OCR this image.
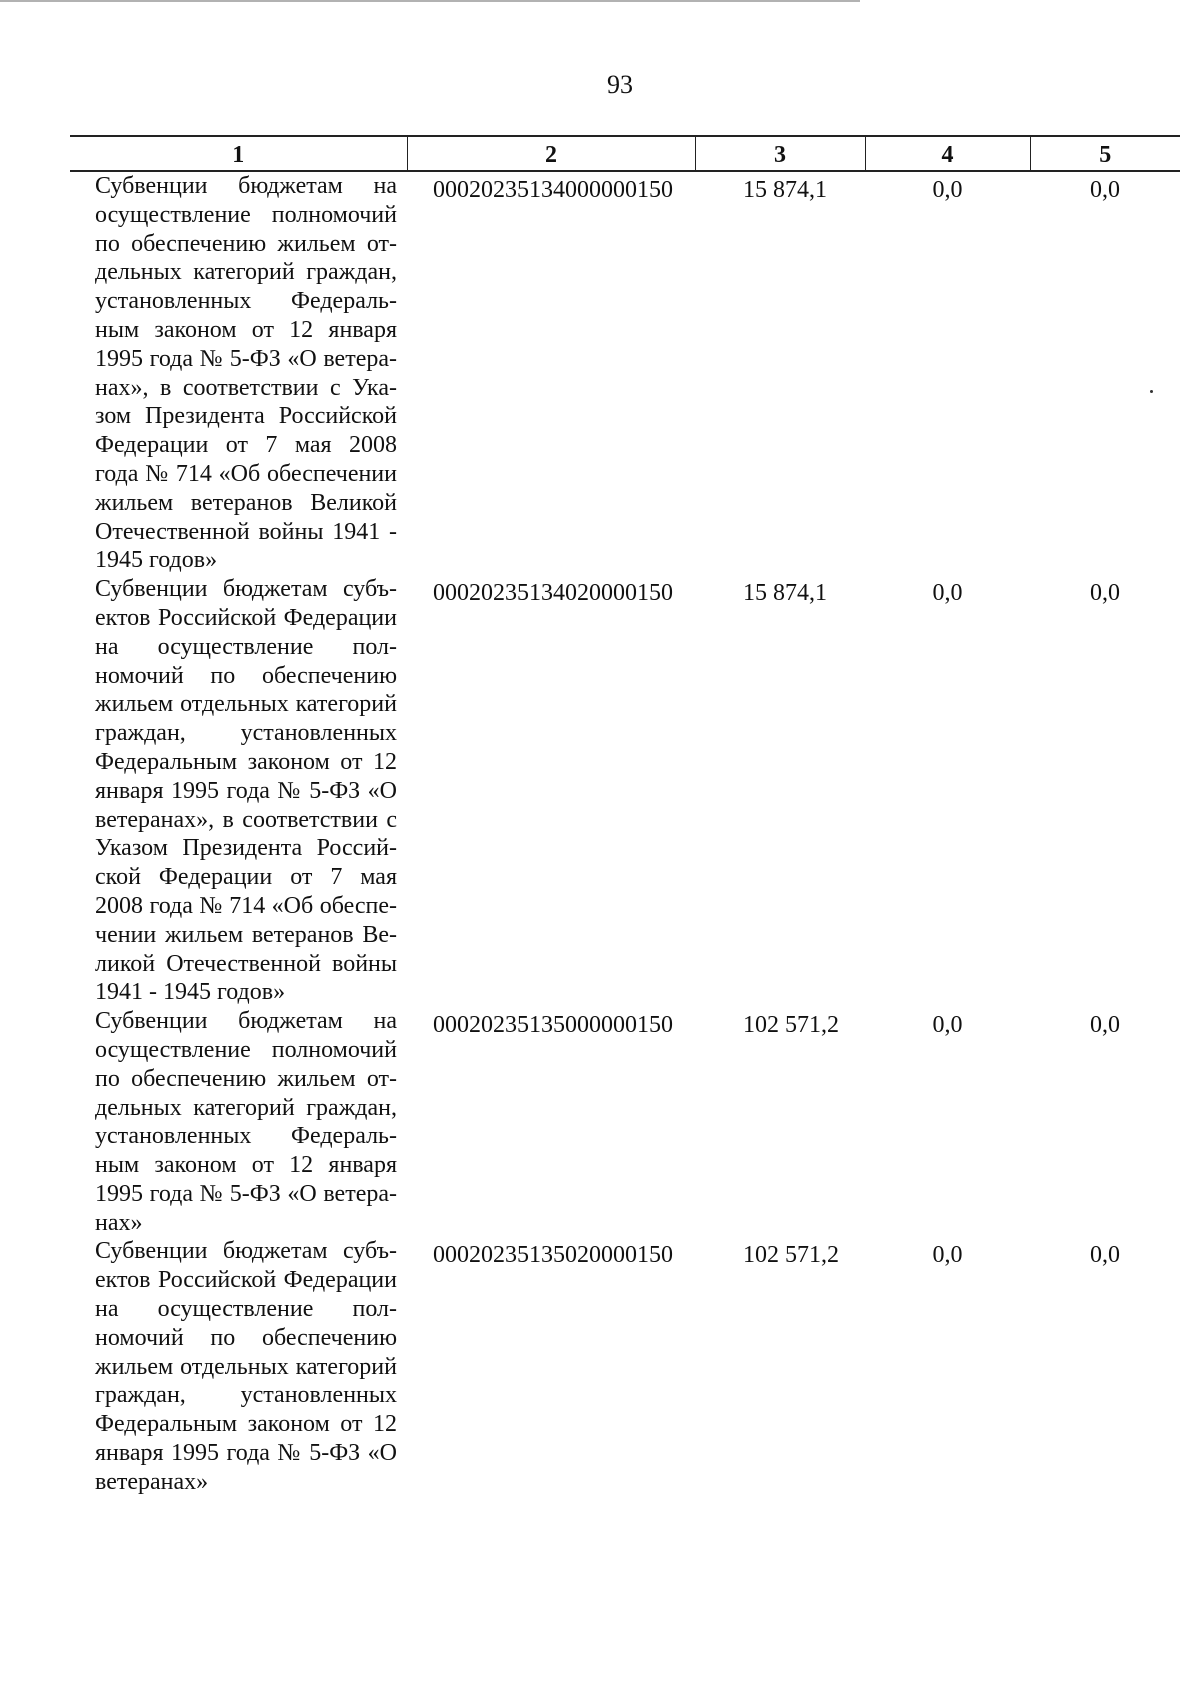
93
1	2	3	4	5
Субвенции бюджетам на осуществление полномочий по обеспечению жильем отдельных категорий граждан, установленных Федеральным законом от 12 января 1995 года № 5-ФЗ «О ветеранах», в соответствии с Указом Президента Российской Федерации от 7 мая 2008 года № 714 «Об обеспечении жильем ветеранов Великой Отечественной войны 1941 - 1945 годов»	00020235134000000150	15 874,1	0,0	0,0
Субвенции бюджетам субъектов Российской Федерации на осуществление полномочий по обеспечению жильем отдельных категорий граждан, установленных Федеральным законом от 12 января 1995 года № 5-ФЗ «О ветеранах», в соответствии с Указом Президента Российской Федерации от 7 мая 2008 года № 714 «Об обеспечении жильем ветеранов Великой Отечественной войны 1941 - 1945 годов»	00020235134020000150	15 874,1	0,0	0,0
Субвенции бюджетам на осуществление полномочий по обеспечению жильем отдельных категорий граждан, установленных Федеральным законом от 12 января 1995 года № 5-ФЗ «О ветеранах»	00020235135000000150	102 571,2	0,0	0,0
Субвенции бюджетам субъектов Российской Федерации на осуществление полномочий по обеспечению жильем отдельных категорий граждан, установленных Федеральным законом от 12 января 1995 года № 5-ФЗ «О ветеранах»	00020235135020000150	102 571,2	0,0	0,0
